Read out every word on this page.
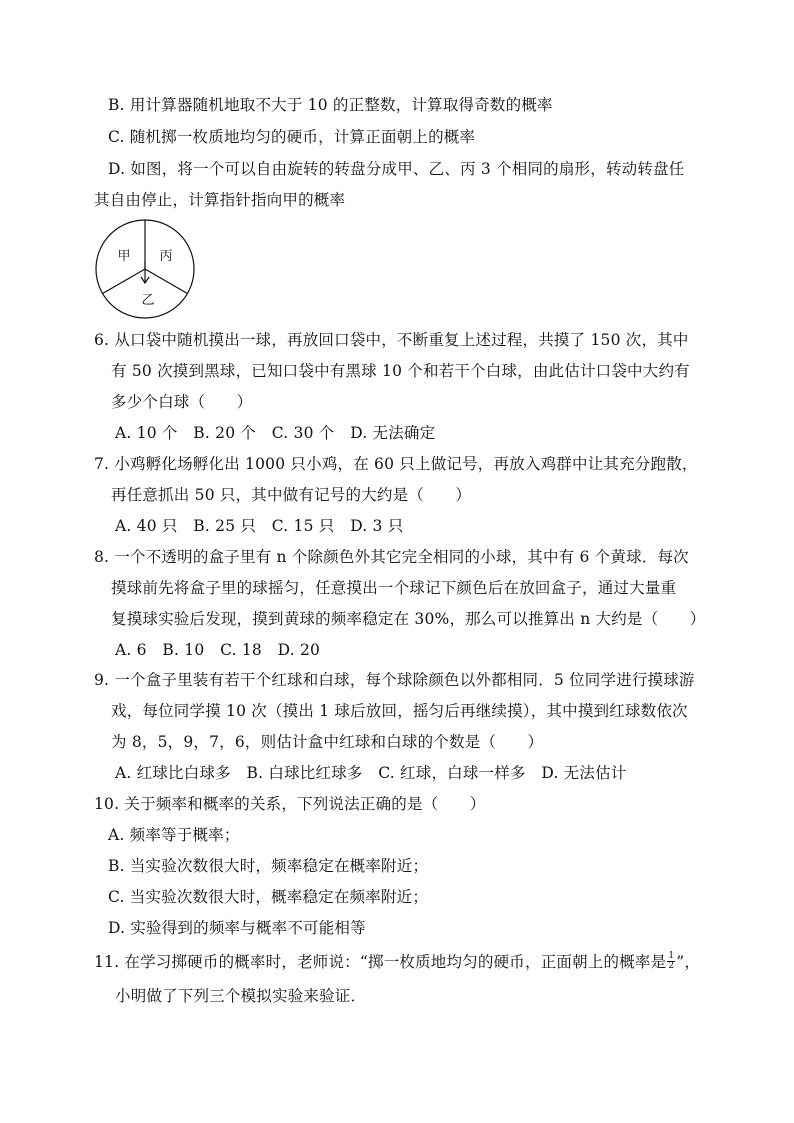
B. 用计算器随机地取不大于 10 的正整数，计算取得奇数的概率
C. 随机掷一枚质地均匀的硬币，计算正面朝上的概率
D. 如图，将一个可以自由旋转的转盘分成甲、乙、丙 3 个相同的扇形，转动转盘任
其自由停止，计算指针指向甲的概率
甲 丙
乙
6. 从口袋中随机摸出一球，再放回口袋中，不断重复上述过程，共摸了 150 次，其中
有 50 次摸到黑球，已知口袋中有黑球 10 个和若干个白球，由此估计口袋中大约有
多少个白球（　　）
A. 10 个　B. 20 个　C. 30 个　D. 无法确定
7. 小鸡孵化场孵化出 1000 只小鸡，在 60 只上做记号，再放入鸡群中让其充分跑散，
再任意抓出 50 只，其中做有记号的大约是（　　）
A. 40 只　B. 25 只　C. 15 只　D. 3 只
8. 一个不透明的盒子里有 n 个除颜色外其它完全相同的小球，其中有 6 个黄球．每次
摸球前先将盒子里的球摇匀，任意摸出一个球记下颜色后在放回盒子，通过大量重
复摸球实验后发现，摸到黄球的频率稳定在 30%，那么可以推算出 n 大约是（　　）
A. 6　B. 10　C. 18　D. 20
9. 一个盒子里装有若干个红球和白球，每个球除颜色以外都相同．5 位同学进行摸球游
戏，每位同学摸 10 次（摸出 1 球后放回，摇匀后再继续摸），其中摸到红球数依次
为 8，5，9，7，6，则估计盒中红球和白球的个数是（　　）
A. 红球比白球多　B. 白球比红球多　C. 红球，白球一样多　D. 无法估计
10. 关于频率和概率的关系，下列说法正确的是（　　）
A. 频率等于概率；
B. 当实验次数很大时，频率稳定在概率附近；
C. 当实验次数很大时，概率稳定在频率附近；
D. 实验得到的频率与概率不可能相等
11. 在学习掷硬币的概率时，老师说：“掷一枚质地均匀的硬币，正面朝上的概率是 $\frac{1}{2}$ ”，
小明做了下列三个模拟实验来验证．
